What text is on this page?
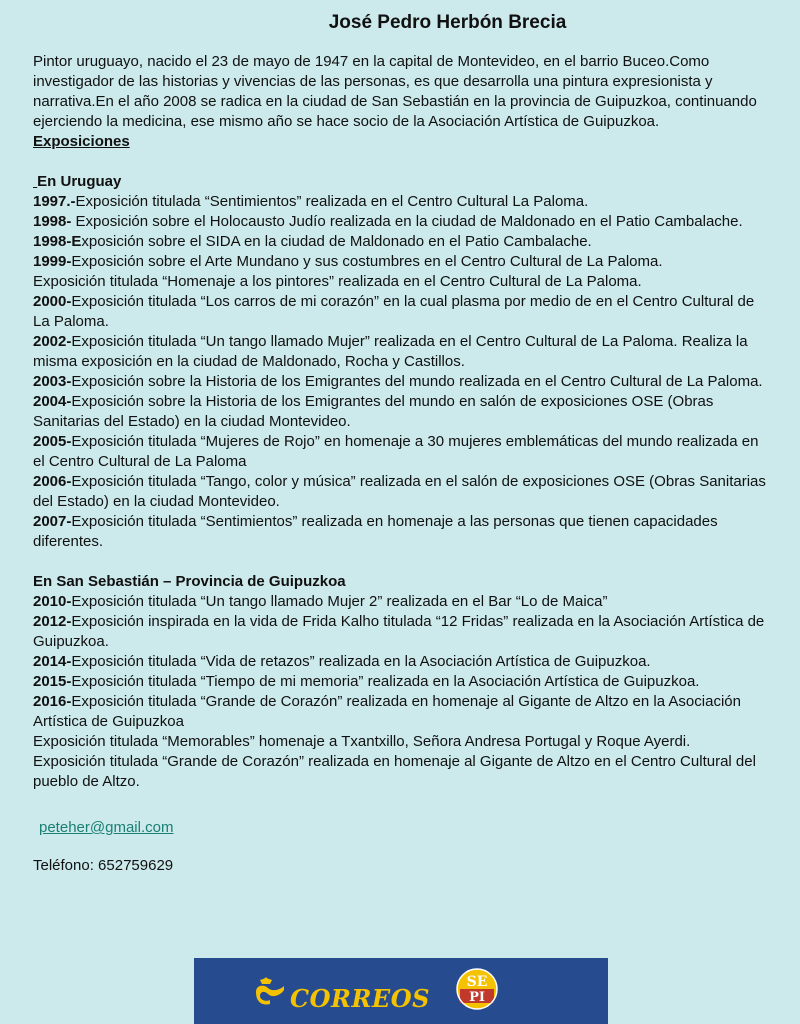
José Pedro Herbón Brecia

Pintor uruguayo, nacido el 23 de mayo de 1947 en la capital de Montevideo, en el barrio Buceo.Como investigador de las historias y vivencias de las personas, es que desarrolla una pintura expresionista y narrativa.En el año 2008 se radica en la ciudad de San Sebastián en la provincia de Guipuzkoa, continuando ejerciendo la medicina, ese mismo año se hace socio de la Asociación Artística de Guipuzkoa.

Exposiciones

En Uruguay

1997.-Exposición titulada “Sentimientos” realizada en el Centro Cultural La Paloma.

1998- Exposición sobre el Holocausto Judío realizada en la ciudad de Maldonado en el Patio Cambalache.

1998-Exposición sobre el SIDA en la ciudad de Maldonado en el Patio Cambalache.

1999-Exposición sobre el Arte Mundano y sus costumbres en el Centro Cultural de La Paloma.

Exposición titulada “Homenaje a los pintores” realizada en el Centro Cultural de La Paloma.

2000-Exposición titulada “Los carros de mi corazón” en la cual plasma por medio de en el Centro Cultural de La Paloma.

2002-Exposición titulada “Un tango llamado Mujer” realizada en el Centro Cultural de La Paloma. Realiza la misma exposición en la ciudad de Maldonado, Rocha y Castillos.

2003-Exposición sobre la Historia de los Emigrantes del mundo realizada en el Centro Cultural de La Paloma.

2004-Exposición sobre la Historia de los Emigrantes del mundo en salón de exposiciones OSE (Obras Sanitarias del Estado) en la ciudad Montevideo.

2005-Exposición titulada “Mujeres de Rojo” en homenaje a 30 mujeres emblemáticas del mundo realizada en el Centro Cultural de La Paloma

2006-Exposición titulada “Tango, color y música” realizada en el salón de exposiciones OSE (Obras Sanitarias del Estado) en la ciudad Montevideo.

2007-Exposición titulada “Sentimientos” realizada en homenaje a las personas que tienen capacidades diferentes.

En San Sebastián – Provincia de Guipuzkoa

2010-Exposición titulada “Un tango llamado Mujer 2” realizada en el Bar “Lo de Maica”

2012-Exposición inspirada en la vida de Frida Kalho titulada “12 Fridas” realizada en la Asociación Artística de Guipuzkoa.

2014-Exposición titulada “Vida de retazos” realizada en la Asociación Artística de Guipuzkoa.

2015-Exposición titulada “Tiempo de mi memoria” realizada en la Asociación Artística de Guipuzkoa.

2016-Exposición titulada “Grande de Corazón” realizada en homenaje al Gigante de Altzo en la Asociación Artística de Guipuzkoa

Exposición titulada “Memorables” homenaje a Txantxillo, Señora Andresa Portugal y Roque Ayerdi.

Exposición titulada “Grande de Corazón” realizada en homenaje al Gigante de Altzo en el Centro Cultural del pueblo de Altzo.

peteher@gmail.com
Teléfono: 652759629
CORREOS
SE
PI
